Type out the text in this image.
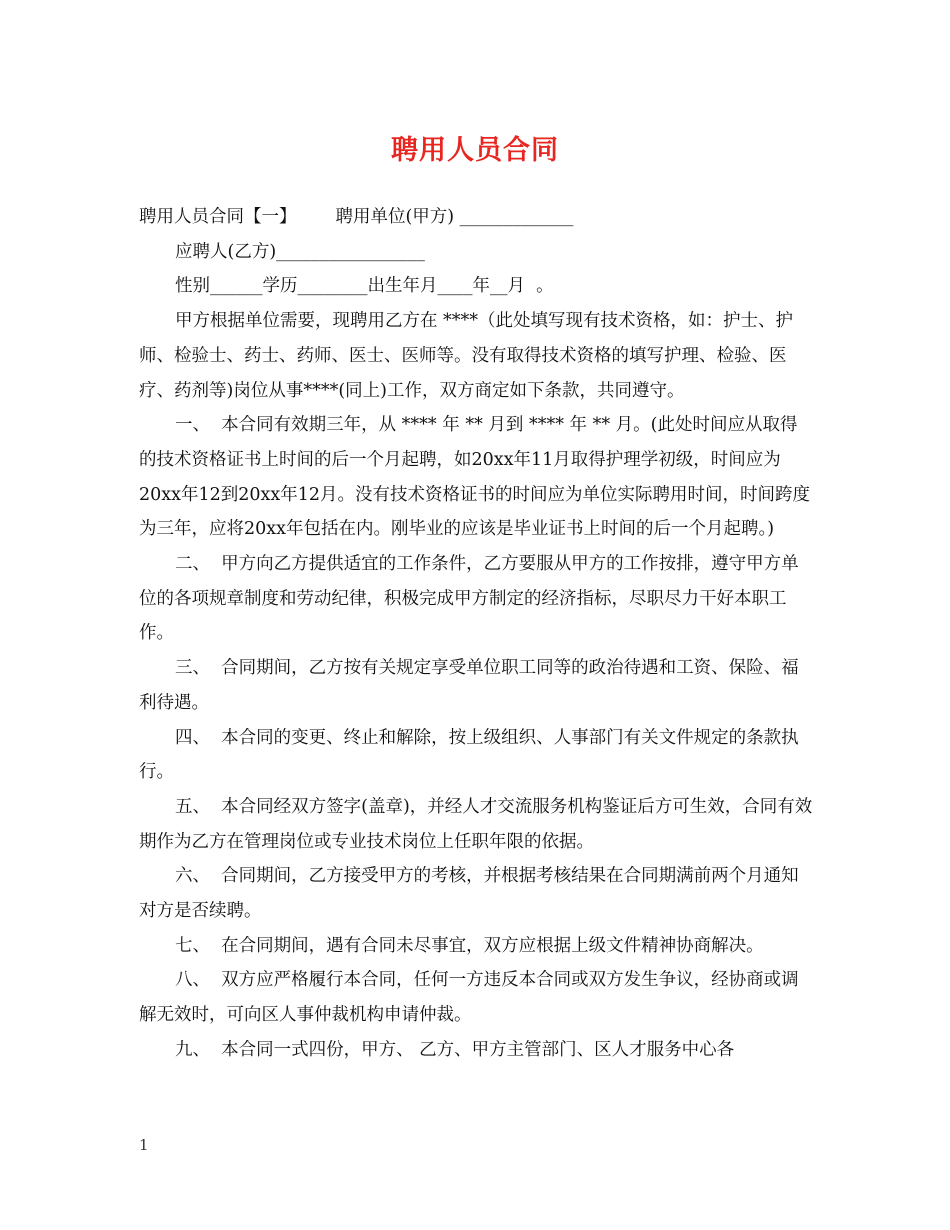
聘用人员合同

聘用人员合同【一】       聘用单位(甲方) _____________

应聘人(乙方)_________________

性别______学历________出生年月____年__月  。

甲方根据单位需要，现聘用乙方在 ****（此处填写现有技术资格，如：护士、护师、检验士、药士、药师、医士、医师等。没有取得技术资格的填写护理、检验、医疗、药剂等)岗位从事****(同上)工作，双方商定如下条款，共同遵守。

一、  本合同有效期三年，从 **** 年 ** 月到 **** 年 ** 月。(此处时间应从取得的技术资格证书上时间的后一个月起聘，如20xx年11月取得护理学初级，时间应为20xx年12到20xx年12月。没有技术资格证书的时间应为单位实际聘用时间，时间跨度为三年，应将20xx年包括在内。刚毕业的应该是毕业证书上时间的后一个月起聘。)

二、  甲方向乙方提供适宜的工作条件，乙方要服从甲方的工作按排，遵守甲方单位的各项规章制度和劳动纪律，积极完成甲方制定的经济指标，尽职尽力干好本职工作。

三、  合同期间，乙方按有关规定享受单位职工同等的政治待遇和工资、保险、福利待遇。

四、  本合同的变更、终止和解除，按上级组织、人事部门有关文件规定的条款执行。

五、  本合同经双方签字(盖章)，并经人才交流服务机构鉴证后方可生效，合同有效期作为乙方在管理岗位或专业技术岗位上任职年限的依据。

六、  合同期间，乙方接受甲方的考核，并根据考核结果在合同期满前两个月通知对方是否续聘。

七、  在合同期间，遇有合同未尽事宜，双方应根据上级文件精神协商解决。

八、  双方应严格履行本合同，任何一方违反本合同或双方发生争议，经协商或调解无效时，可向区人事仲裁机构申请仲裁。

九、  本合同一式四份，甲方、 乙方、甲方主管部门、区人才服务中心各

1
